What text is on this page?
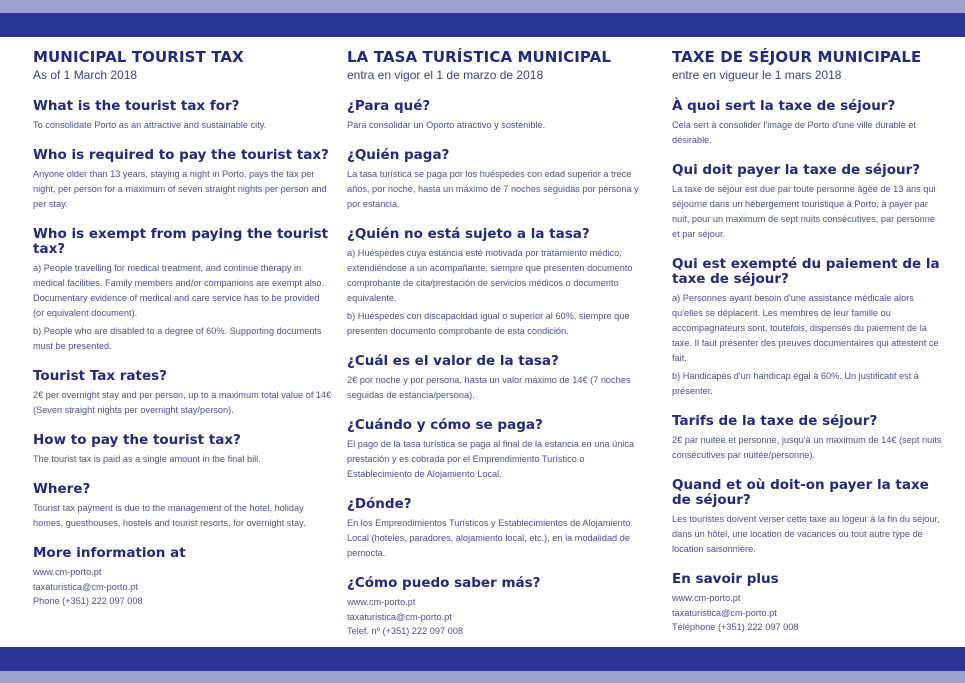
MUNICIPAL TOURIST TAX
As of 1 March 2018
What is the tourist tax for?

To consolidate Porto as an attractive and sustainable city.

Who is required to pay the tourist tax?

Anyone older than 13 years, staying a night in Porto, pays the tax per night, per person for a maximum of seven straight nights per person and per stay.

Who is exempt from paying the tourist tax?

a) People travelling for medical treatment, and continue therapy in medical facilities. Family members and/or companions are exempt also. Documentary evidence of medical and care service has to be provided (or equivalent document).

b) People who are disabled to a degree of 60%. Supporting documents must be presented.

Tourist Tax rates?

2€ per overnight stay and per person, up to a maximum total value of 14€ (Seven straight nights per overnight stay/person).

How to pay the tourist tax?

The tourist tax is paid as a single amount in the final bill.

Where?

Tourist tax payment is due to the management of the hotel, holiday homes, guesthouses, hostels and tourist resorts, for overnight stay.

More information at

www.cm-porto.pt

taxaturistica@cm-porto.pt

Phone (+351) 222 097 008

LA TASA TURÍSTICA MUNICIPAL
entra en vigor el 1 de marzo de 2018
¿Para qué?

Para consolidar un Oporto atractivo y sostenible.

¿Quién paga?

La tasa turística se paga por los huéspedes con edad superior a trece años, por noche, hasta un máximo de 7 noches seguidas por persona y por estancia.

¿Quién no está sujeto a la tasa?

a) Huéspedes cuya estancia esté motivada por tratamiento médico, extendiéndose a un acompañante, siempre que presenten documento comprobante de cita/prestación de servicios médicos o documento equivalente.

b) Huéspedes con discapacidad igual o superior al 60%, siempre que presenten documento comprobante de esta condición.

¿Cuál es el valor de la tasa?

2€ por noche y por persona, hasta un valor máximo de 14€ (7 noches seguidas de estancia/persona).

¿Cuándo y cómo se paga?

El pago de la tasa turística se paga al final de la estancia en una única prestación y es cobrada por el Emprendimiento Turístico o Establecimiento de Alojamiento Local.

¿Dónde?

En los Emprendimientos Turísticos y Establecimientos de Alojamiento Local (hoteles, paradores, alojamiento local, etc.), en la modalidad de pernocta.

¿Cómo puedo saber más?

www.cm-porto.pt

taxaturistica@cm-porto.pt

Telef. nº (+351) 222 097 008

TAXE DE SÉJOUR MUNICIPALE
entre en vigueur le 1 mars 2018
À quoi sert la taxe de séjour?

Cela sert à consolider l'image de Porto d'une ville durable et désirable.

Qui doit payer la taxe de séjour?

La taxe de séjour est due par toute personne âgée de 13 ans qui séjourne dans un hébergement touristique à Porto, à payer par nuit, pour un maximum de sept nuits consécutives, par personne et par séjour.

Qui est exempté du paiement de la taxe de séjour?

a) Personnes ayant besoin d'une assistance médicale alors qu'elles se déplacent. Les membres de leur famille ou accompagnateurs sont, toutefois, dispensés du paiement de la taxe. Il faut présenter des preuves documentaires qui attestent ce fait.

b) Handicapés d'un handicap égal à 60%. Un justificatif est à présenter.

Tarifs de la taxe de séjour?

2€ par nuitée et personne, jusqu'à un maximum de 14€ (sept nuits consécutives par nuitée/personne).

Quand et où doit-on payer la taxe de séjour?

Les touristes doivent verser cette taxe au logeur à la fin du séjour, dans un hôtel, une location de vacances ou tout autre type de location saisonnière.

En savoir plus

www.cm-porto.pt

taxaturistica@cm-porto.pt

Téléphone (+351) 222 097 008
